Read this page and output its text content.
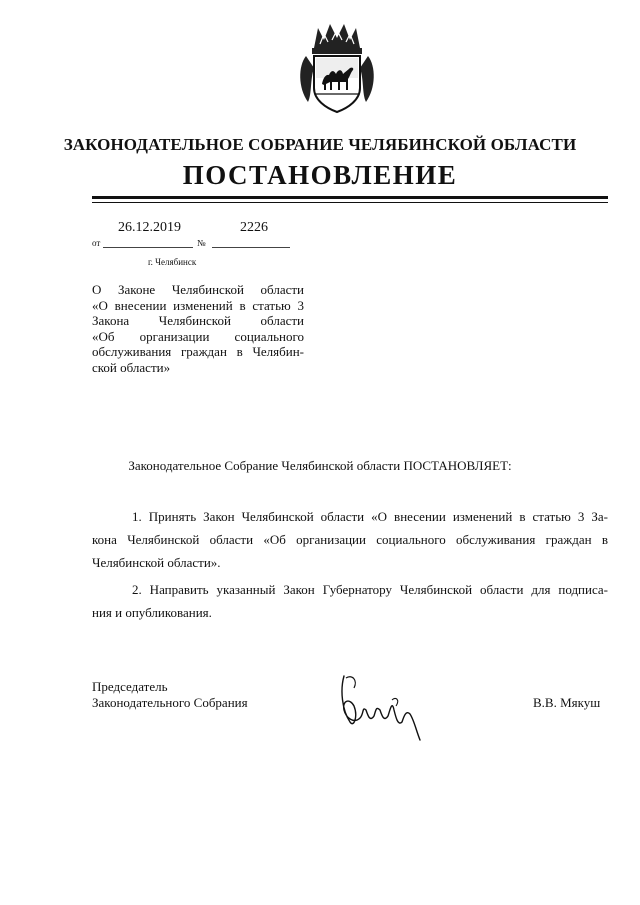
ЗАКОНОДАТЕЛЬНОЕ СОБРАНИЕ ЧЕЛЯБИНСКОЙ ОБЛАСТИ
ПОСТАНОВЛЕНИЕ
26.12.2019	2226
от	№
г. Челябинск
О Законе Челябинской области
«О внесении изменений в статью 3
Закона Челябинской области
«Об организации социального
обслуживания граждан в Челябин-
ской области»
Законодательное Собрание Челябинской области ПОСТАНОВЛЯЕТ:
1. Принять Закон Челябинской области «О внесении изменений в статью 3 За-
кона Челябинской области «Об организации социального обслуживания граждан в
Челябинской области».
2. Направить указанный Закон Губернатору Челябинской области для подписа-
ния и опубликования.
Председатель
Законодательного Собрания	В.В. Мякуш
